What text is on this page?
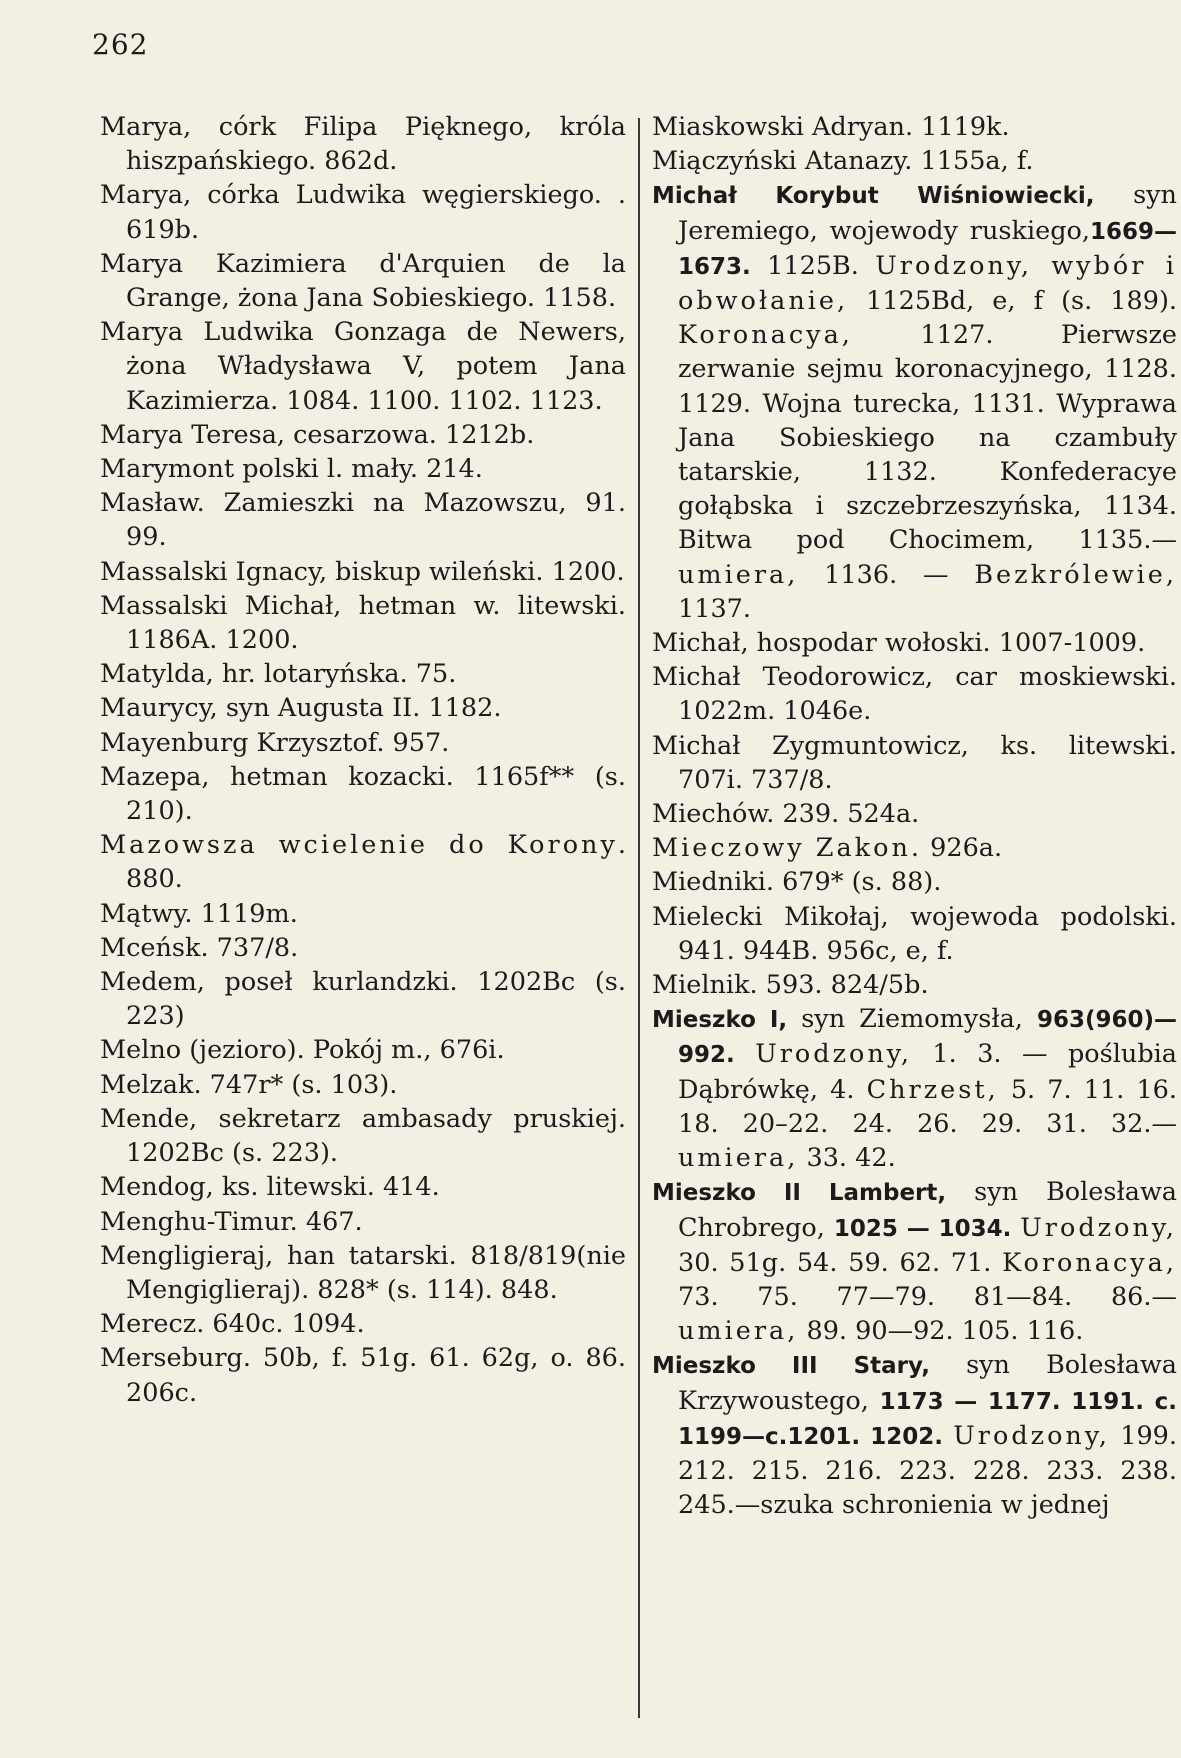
262

Marya, córk Filipa Pięknego, króla hiszpańskiego. 862d.

Marya, córka Ludwika węgierskiego. . 619b.

Marya Kazimiera d'Arquien de la Grange, żona Jana Sobieskiego. 1158.

Marya Ludwika Gonzaga de Newers, żona Władysława V, potem Jana Kazimierza. 1084. 1100. 1102. 1123.

Marya Teresa, cesarzowa. 1212b.

Marymont polski l. mały. 214.

Masław. Zamieszki na Mazowszu, 91. 99.

Massalski Ignacy, biskup wileński. 1200.

Massalski Michał, hetman w. litewski. 1186A. 1200.

Matylda, hr. lotaryńska. 75.

Maurycy, syn Augusta II. 1182.

Mayenburg Krzysztof. 957.

Mazepa, hetman kozacki. 1165f** (s. 210).

Mazowsza wcielenie do Korony. 880.

Mątwy. 1119m.

Mceńsk. 737/8.

Medem, poseł kurlandzki. 1202Bc (s. 223)

Melno (jezioro). Pokój m., 676i.

Melzak. 747r* (s. 103).

Mende, sekretarz ambasady pruskiej. 1202Bc (s. 223).

Mendog, ks. litewski. 414.

Menghu-Timur. 467.

Mengligieraj, han tatarski. 818/819(nie Mengiglieraj). 828* (s. 114). 848.

Merecz. 640c. 1094.

Merseburg. 50b, f. 51g. 61. 62g, o. 86. 206c.

Miaskowski Adryan. 1119k.

Miączyński Atanazy. 1155a, f.

Michał Korybut Wiśniowiecki, syn Jeremiego, wojewody ruskiego,1669—1673. 1125B. Urodzony, wybór i obwołanie, 1125Bd, e, f (s. 189). Koronacya, 1127. Pierwsze zerwanie sejmu koronacyjnego, 1128. 1129. Wojna turecka, 1131. Wyprawa Jana Sobieskiego na czambuły tatarskie, 1132. Konfederacye gołąbska i szczebrzeszyńska, 1134. Bitwa pod Chocimem, 1135.— umiera, 1136. — Bezkrólewie, 1137.

Michał, hospodar wołoski. 1007-1009.

Michał Teodorowicz, car moskiewski. 1022m. 1046e.

Michał Zygmuntowicz, ks. litewski. 707i. 737/8.

Miechów. 239. 524a.

Mieczowy Zakon. 926a.

Miedniki. 679* (s. 88).

Mielecki Mikołaj, wojewoda podolski. 941. 944B. 956c, e, f.

Mielnik. 593. 824/5b.

Mieszko I, syn Ziemomysła, 963(960)—992. Urodzony, 1. 3. — poślubia Dąbrówkę, 4. Chrzest, 5. 7. 11. 16. 18. 20–22. 24. 26. 29. 31. 32.— umiera, 33. 42.

Mieszko II Lambert, syn Bolesława Chrobrego, 1025 — 1034. Urodzony, 30. 51g. 54. 59. 62. 71. Koronacya, 73. 75. 77—79. 81—84. 86.— umiera, 89. 90—92. 105. 116.

Mieszko III Stary, syn Bolesława Krzywoustego, 1173 — 1177. 1191. c. 1199—c.1201. 1202. Urodzony, 199. 212. 215. 216. 223. 228. 233. 238. 245.—szuka schronienia w jednej
